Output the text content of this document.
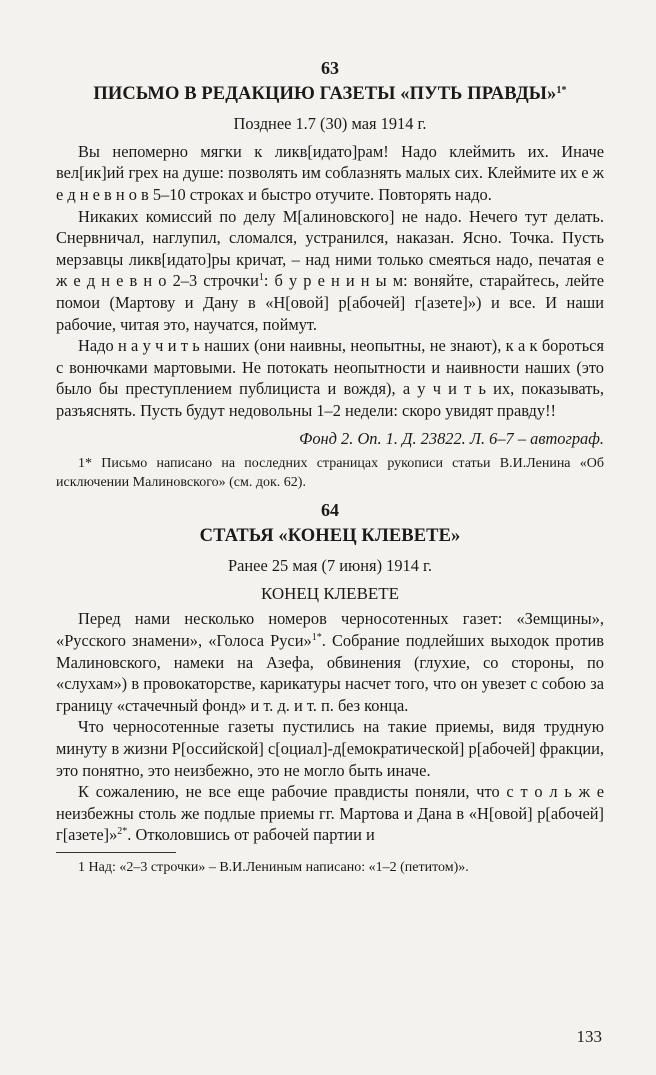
63
ПИСЬМО В РЕДАКЦИЮ ГАЗЕТЫ «ПУТЬ ПРАВДЫ»$^{1*}$
Позднее 1.7 (30) мая 1914 г.

Вы непомерно мягки к ликв[идато]рам! Надо клеймить их. Иначе вел[ик]ий грех на душе: позволять им соблазнять малых сих. Клеймите их е ж е д н е в н о в 5–10 строках и быстро отучите. Повторять надо.

Никаких комиссий по делу М[алиновского] не надо. Нечего тут делать. Снервничал, наглупил, сломался, устранился, наказан. Ясно. Точка. Пусть мерзавцы ликв[идато]ры кричат, – над ними только смеяться надо, печатая е ж е д н е в н о 2–3 строчки$^1$: б у р е н и н ы м: воняйте, старайтесь, лейте помои (Мартову и Дану в «Н[овой] р[абочей] г[азете]») и все. И наши рабочие, читая это, научатся, поймут.

Надо н а у ч и т ь наших (они наивны, неопытны, не знают), к а к бороться с вонючками мартовыми. Не потокать неопытности и наивности наших (это было бы преступлением публициста и вождя), а у ч и т ь их, показывать, разъяснять. Пусть будут недовольны 1–2 недели: скоро увидят правду!!

Фонд 2. Оп. 1. Д. 23822. Л. 6–7 – автограф.
1* Письмо написано на последних страницах рукописи статьи В.И.Ленина «Об исключении Малиновского» (см. док. 62).
64
СТАТЬЯ «КОНЕЦ КЛЕВЕТЕ»
Ранее 25 мая (7 июня) 1914 г.
КОНЕЦ КЛЕВЕТЕ

Перед нами несколько номеров черносотенных газет: «Земщины», «Русского знамени», «Голоса Руси»$^{1*}$. Собрание подлейших выходок против Малиновского, намеки на Азефа, обвинения (глухие, со стороны, по «слухам») в провокаторстве, карикатуры насчет того, что он увезет с собою за границу «стачечный фонд» и т. д. и т. п. без конца.

Что черносотенные газеты пустились на такие приемы, видя трудную минуту в жизни Р[оссийской] с[оциал]-д[емократической] р[абочей] фракции, это понятно, это неизбежно, это не могло быть иначе.

К сожалению, не все еще рабочие правдисты поняли, что с т о л ь ж е неизбежны столь же подлые приемы гг. Мартова и Дана в «Н[овой] р[абочей] г[азете]»$^{2*}$. Отколовшись от рабочей партии и

1 Над: «2–3 строчки» – В.И.Лениным написано: «1–2 (петитом)».
133
